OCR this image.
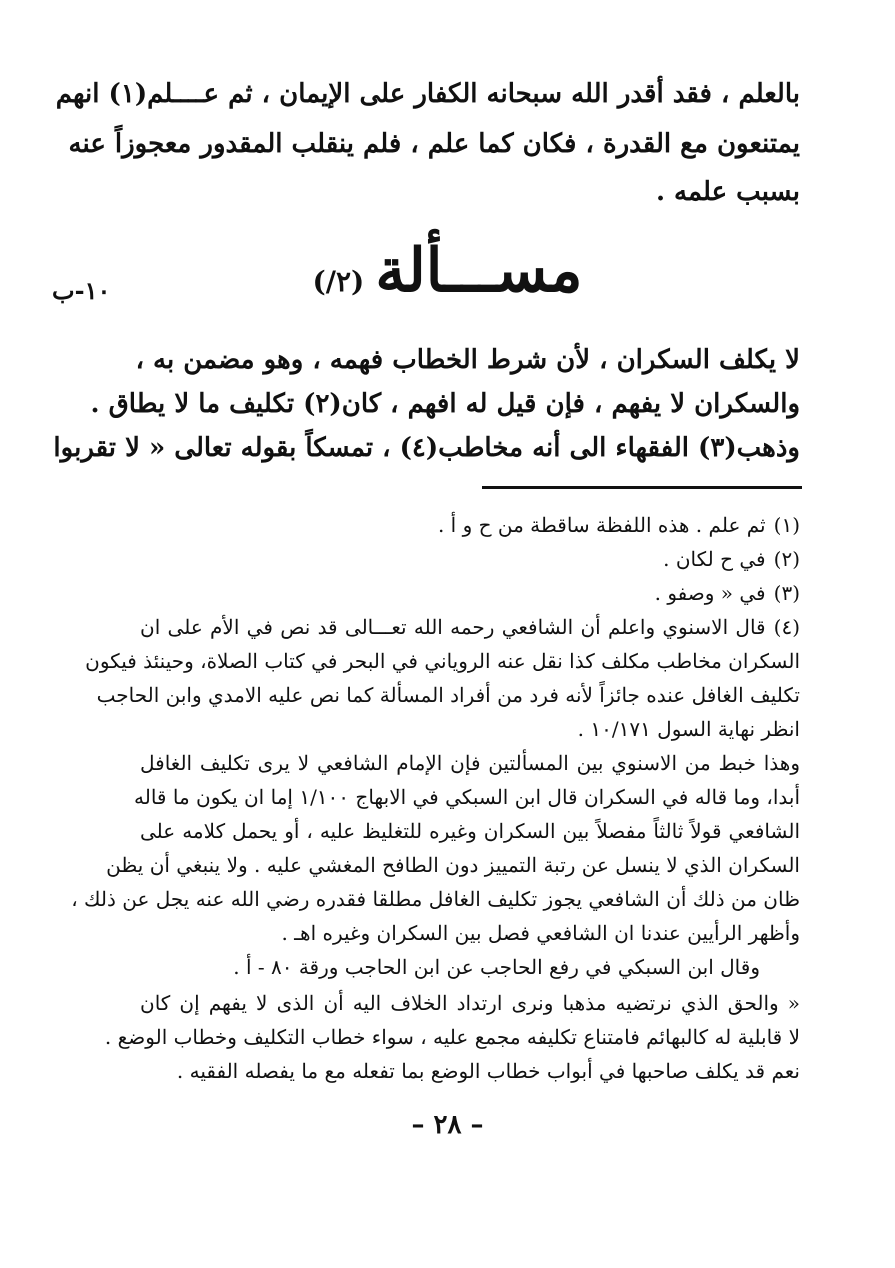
بالعلم ، فقد أقدر الله سبحانه الكفار على الإيمان ، ثم عــــلم(١) انهم
يمتنعون مع القدرة ، فكان كما علم ، فلم ينقلب المقدور معجوزاً عنه
بسبب علمه .
مســـألة (٢/)
١٠-ب
لا يكلف السكران ، لأن شرط الخطاب فهمه ، وهو مضمن به ،
والسكران لا يفهم ، فإن قيل له افهم ، كان(٢) تكليف ما لا يطاق .
وذهب(٣) الفقهاء الى أنه مخاطب(٤) ، تمسكاً بقوله تعالى « لا تقربوا
(١)ثم علم . هذه اللفظة ساقطة من ح و أ .
(٢)في ح لكان .
(٣)في « وصفو .
(٤)قال الاسنوي واعلم أن الشافعي رحمه الله تعـــالى قد نص في الأم على ان
السكران مخاطب مكلف كذا نقل عنه الروياني في البحر في كتاب الصلاة، وحينئذ فيكون
تكليف الغافل عنده جائزاً لأنه فرد من أفراد المسألة كما نص عليه الامدي وابن الحاجب
انظر نهاية السول ١٠/١٧١ .
وهذا خبط من الاسنوي بين المسألتين فإن الإمام الشافعي لا يرى تكليف الغافل
أبدا، وما قاله في السكران قال ابن السبكي في الابهاج ١/١٠٠ إما ان يكون ما قاله
الشافعي قولاً ثالثاً مفصلاً بين السكران وغيره للتغليظ عليه ، أو يحمل كلامه على
السكران الذي لا ينسل عن رتبة التمييز دون الطافح المغشي عليه . ولا ينبغي أن يظن
ظان من ذلك أن الشافعي يجوز تكليف الغافل مطلقا فقدره رضي الله عنه يجل عن ذلك ،
وأظهر الرأيين عندنا ان الشافعي فصل بين السكران وغيره اهـ .
وقال ابن السبكي في رفع الحاجب عن ابن الحاجب ورقة ٨٠ - أ .
« والحق الذي نرتضيه مذهبا ونرى ارتداد الخلاف اليه أن الذى لا يفهم إن كان
لا قابلية له كالبهائم فامتناع تكليفه مجمع عليه ، سواء خطاب التكليف وخطاب الوضع .
نعم قد يكلف صاحبها في أبواب خطاب الوضع بما تفعله مع ما يفصله الفقيه .
– ٢٨ –
